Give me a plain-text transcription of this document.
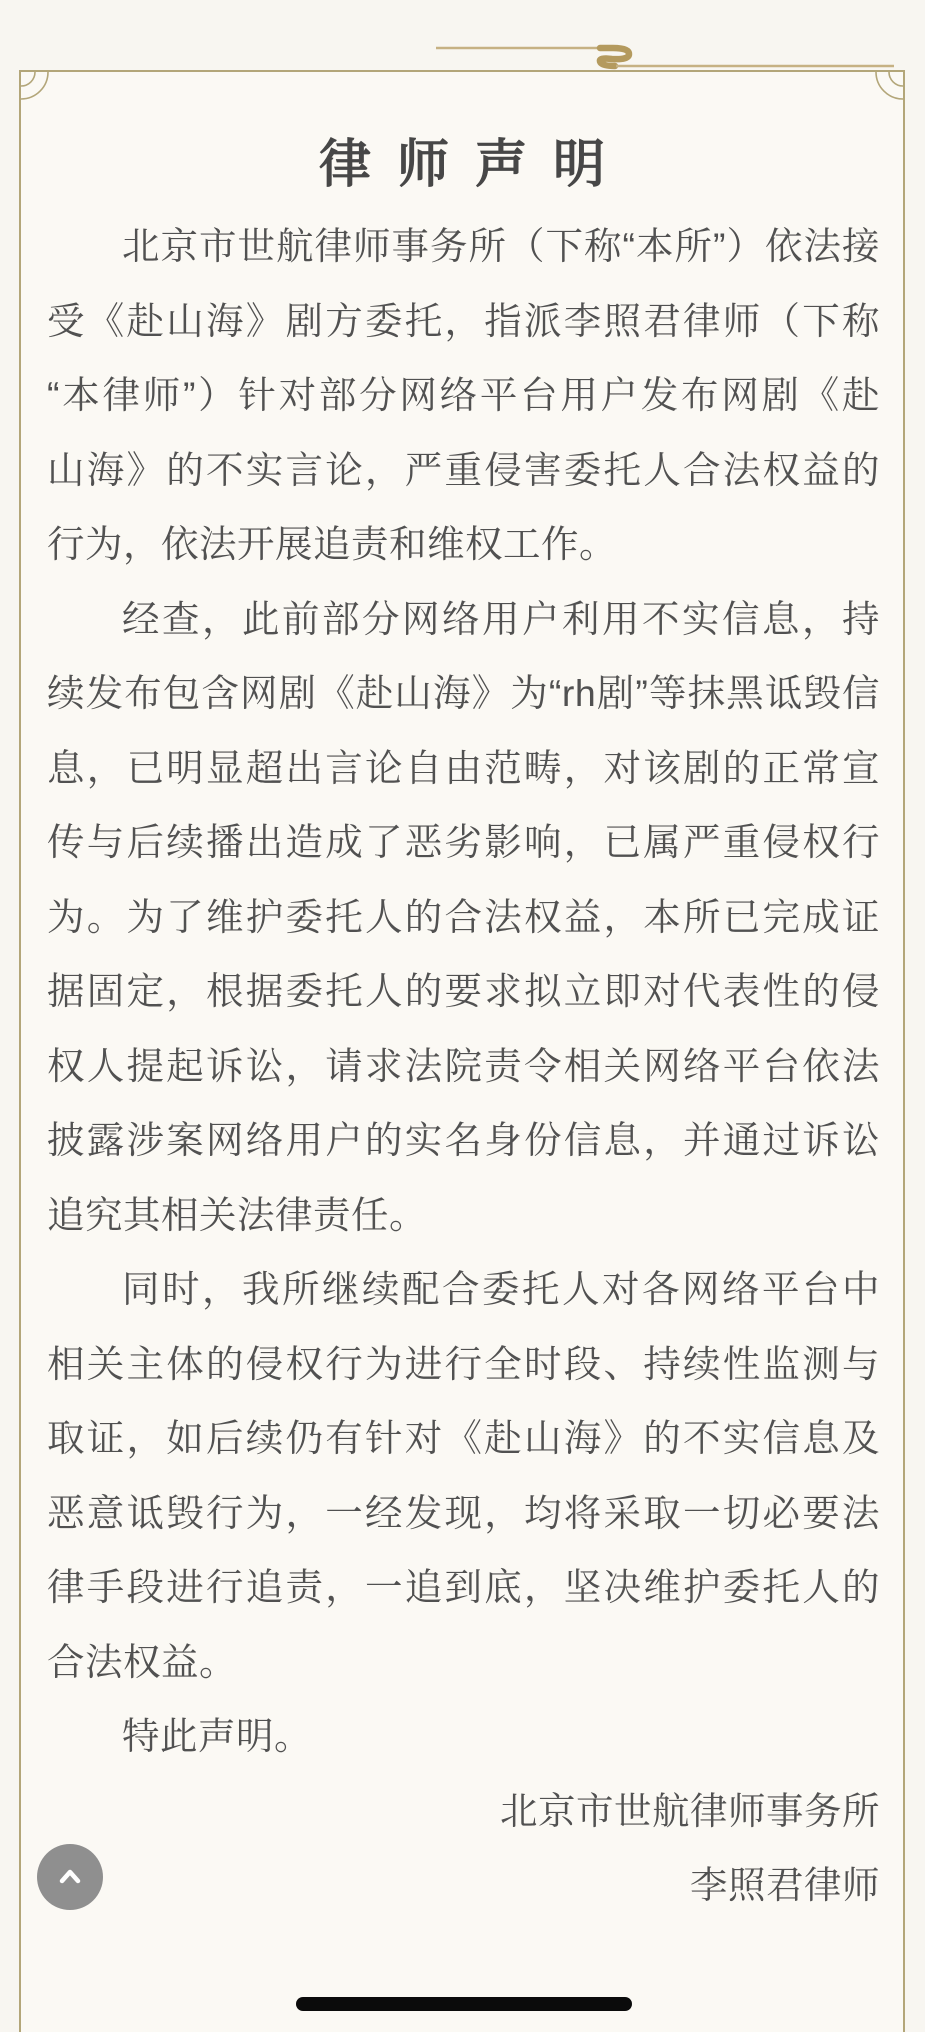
律师声明
北京市世航律师事务所（下称“本所”）依法接
受《赴山海》剧方委托，指派李照君律师（下称
“本律师”）针对部分网络平台用户发布网剧《赴
山海》的不实言论，严重侵害委托人合法权益的
行为，依法开展追责和维权工作。
经查，此前部分网络用户利用不实信息，持
续发布包含网剧《赴山海》为“rh剧”等抹黑诋毁信
息，已明显超出言论自由范畴，对该剧的正常宣
传与后续播出造成了恶劣影响，已属严重侵权行
为。为了维护委托人的合法权益，本所已完成证
据固定，根据委托人的要求拟立即对代表性的侵
权人提起诉讼，请求法院责令相关网络平台依法
披露涉案网络用户的实名身份信息，并通过诉讼
追究其相关法律责任。
同时，我所继续配合委托人对各网络平台中
相关主体的侵权行为进行全时段、持续性监测与
取证，如后续仍有针对《赴山海》的不实信息及
恶意诋毁行为，一经发现，均将采取一切必要法
律手段进行追责，一追到底，坚决维护委托人的
合法权益。
特此声明。
北京市世航律师事务所
李照君律师
